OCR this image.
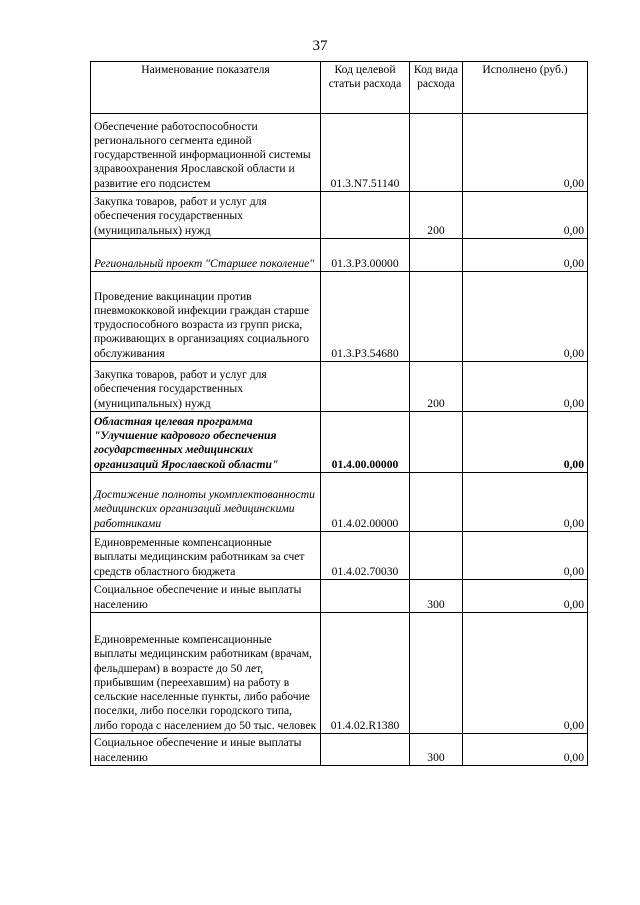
37
Наименование показателя	Код целевой статьи расхода	Код вида расхода	Исполнено (руб.)
Обеспечение работоспособности регионального сегмента единой государственной информационной системы здравоохранения Ярославской области и развитие его подсистем	01.3.N7.51140		0,00
Закупка товаров, работ и услуг для обеспечения государственных (муниципальных) нужд		200	0,00
Региональный проект "Старшее поколение"	01.3.P3.00000		0,00
Проведение вакцинации против пневмококковой инфекции граждан старше трудоспособного возраста из групп риска, проживающих в организациях социального обслуживания	01.3.P3.54680		0,00
Закупка товаров, работ и услуг для обеспечения государственных (муниципальных) нужд		200	0,00
Областная целевая программа "Улучшение кадрового обеспечения государственных медицинских организаций Ярославской области"	01.4.00.00000		0,00
Достижение полноты укомплектованности медицинских организаций медицинскими работниками	01.4.02.00000		0,00
Единовременные компенсационные выплаты медицинским работникам за счет средств областного бюджета	01.4.02.70030		0,00
Социальное обеспечение и иные выплаты населению		300	0,00
Единовременные компенсационные выплаты медицинским работникам (врачам, фельдшерам) в возрасте до 50 лет, прибывшим (переехавшим) на работу в сельские населенные пункты, либо рабочие поселки, либо поселки городского типа, либо города с населением до 50 тыс. человек	01.4.02.R1380		0,00
Социальное обеспечение и иные выплаты населению		300	0,00
